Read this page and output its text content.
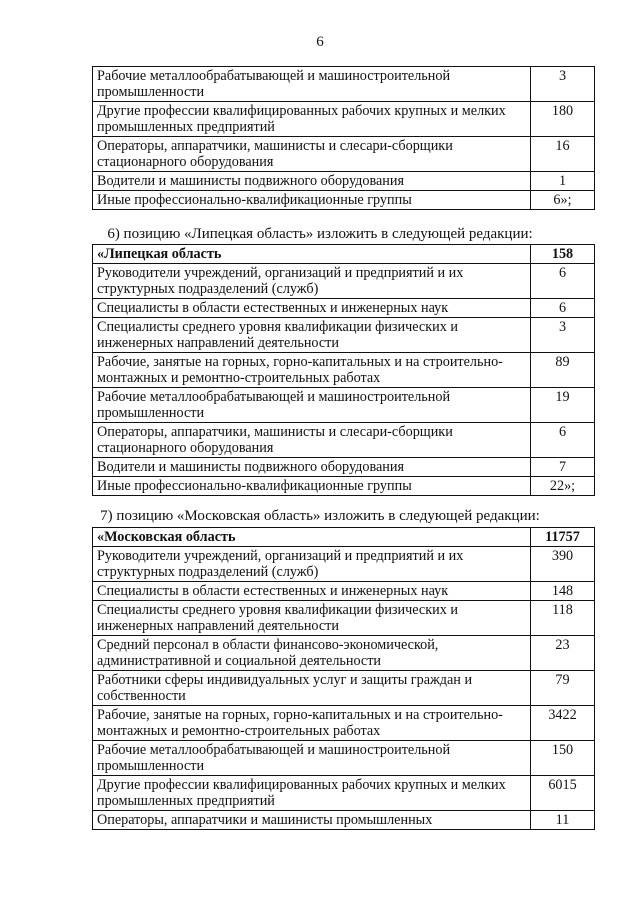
6
Рабочие металлообрабатывающей и машиностроительной промышленности	3
Другие профессии квалифицированных рабочих крупных и мелких промышленных предприятий	180
Операторы, аппаратчики, машинисты и слесари-сборщики стационарного оборудования	16
Водители и машинисты подвижного оборудования	1
Иные профессионально-квалификационные группы	6»;
6) позицию «Липецкая область» изложить в следующей редакции:
«Липецкая область	158
Руководители учреждений, организаций и предприятий и их структурных подразделений (служб)	6
Специалисты в области естественных и инженерных наук	6
Специалисты среднего уровня квалификации физических и инженерных направлений деятельности	3
Рабочие, занятые на горных, горно-капитальных и на строительно-монтажных и ремонтно-строительных работах	89
Рабочие металлообрабатывающей и машиностроительной промышленности	19
Операторы, аппаратчики, машинисты и слесари-сборщики стационарного оборудования	6
Водители и машинисты подвижного оборудования	7
Иные профессионально-квалификационные группы	22»;
7) позицию «Московская область» изложить в следующей редакции:
«Московская область	11757
Руководители учреждений, организаций и предприятий и их структурных подразделений (служб)	390
Специалисты в области естественных и инженерных наук	148
Специалисты среднего уровня квалификации физических и инженерных направлений деятельности	118
Средний персонал в области финансово-экономической, административной и социальной деятельности	23
Работники сферы индивидуальных услуг и защиты граждан и собственности	79
Рабочие, занятые на горных, горно-капитальных и на строительно-монтажных и ремонтно-строительных работах	3422
Рабочие металлообрабатывающей и машиностроительной промышленности	150
Другие профессии квалифицированных рабочих крупных и мелких промышленных предприятий	6015
Операторы, аппаратчики и машинисты промышленных	11
